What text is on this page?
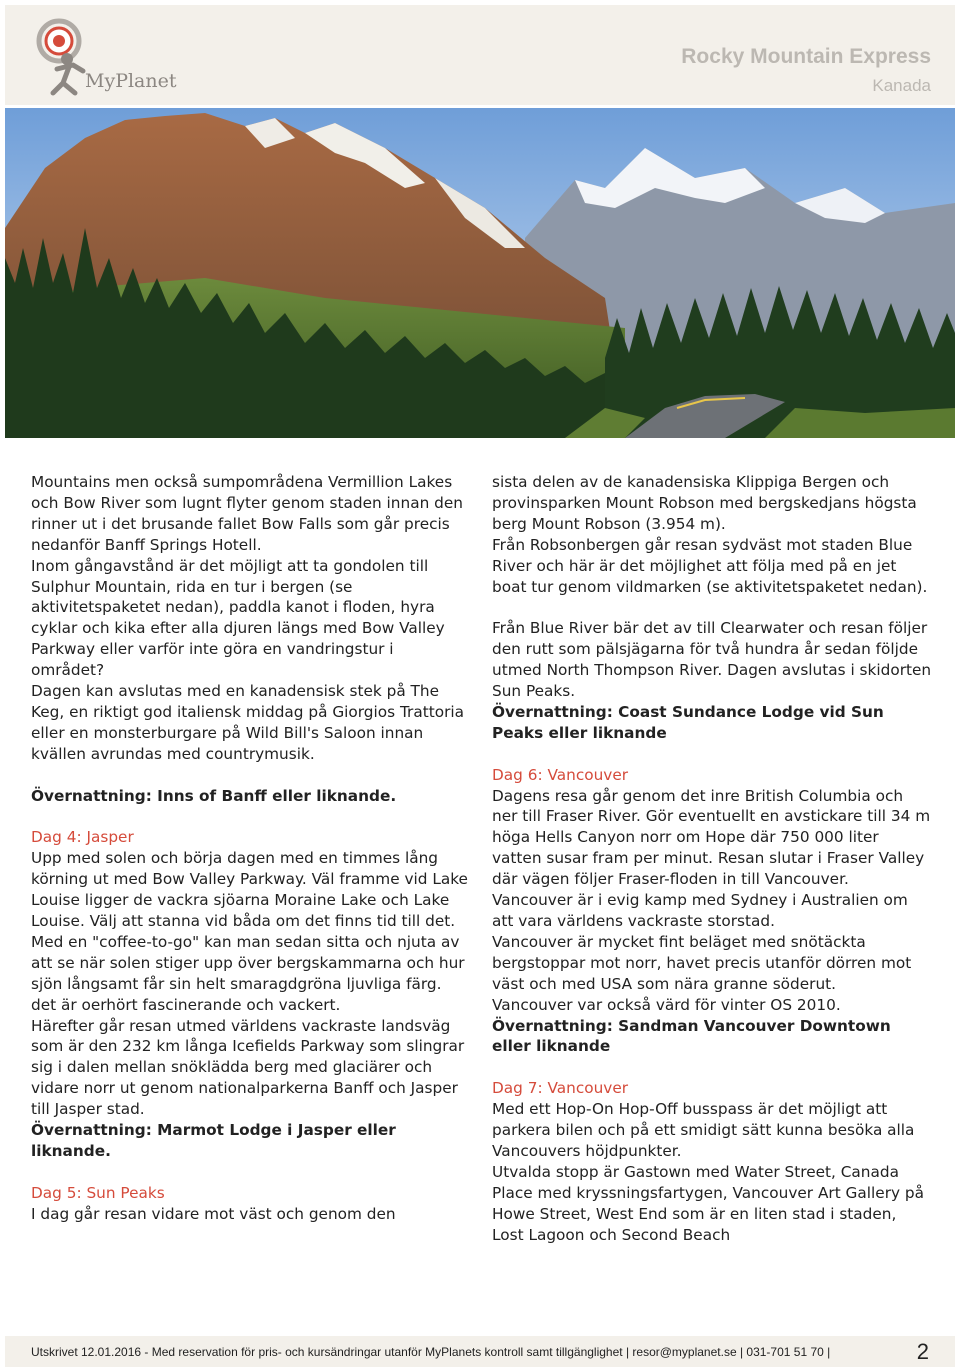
MyPlanet
Rocky Mountain Express
Kanada

Mountains men också sumpområdena Vermillion Lakes och Bow River som lugnt flyter genom staden innan den rinner ut i det brusande fallet Bow Falls som går precis nedanför Banff Springs Hotell.

Inom gångavstånd är det möjligt att ta gondolen till Sulphur Mountain, rida en tur i bergen (se aktivitetspaketet nedan), paddla kanot i floden, hyra cyklar och kika efter alla djuren längs med Bow Valley Parkway eller varför inte göra en vandringstur i området?

Dagen kan avslutas med en kanadensisk stek på The Keg, en riktigt god italiensk middag på Giorgios Trattoria eller en monsterburgare på Wild Bill's Saloon innan kvällen avrundas med countrymusik.

Övernattning: Inns of Banff eller liknande.

Dag 4: Jasper

Upp med solen och börja dagen med en timmes lång körning ut med Bow Valley Parkway. Väl framme vid Lake Louise ligger de vackra sjöarna Moraine Lake och Lake Louise. Välj att stanna vid båda om det finns tid till det. Med en "coffee-to-go" kan man sedan sitta och njuta av att se när solen stiger upp över bergskammarna och hur sjön långsamt får sin helt smaragdgröna ljuvliga färg. det är oerhört fascinerande och vackert.

Härefter går resan utmed världens vackraste landsväg som är den 232 km långa Icefields Parkway som slingrar sig i dalen mellan snöklädda berg med glaciärer och vidare norr ut genom nationalparkerna Banff och Jasper till Jasper stad.

Övernattning: Marmot Lodge i Jasper eller liknande.

Dag 5: Sun Peaks

I dag går resan vidare mot väst och genom den

sista delen av de kanadensiska Klippiga Bergen och provinsparken Mount Robson med bergskedjans högsta berg Mount Robson (3.954 m).

Från Robsonbergen går resan sydväst mot staden Blue River och här är det möjlighet att följa med på en jet boat tur genom vildmarken (se aktivitetspaketet nedan).

Från Blue River bär det av till Clearwater och resan följer den rutt som pälsjägarna för två hundra år sedan följde utmed North Thompson River. Dagen avslutas i skidorten Sun Peaks.

Övernattning: Coast Sundance Lodge vid Sun Peaks eller liknande

Dag 6: Vancouver

Dagens resa går genom det inre British Columbia och ner till Fraser River. Gör eventuellt en avstickare till 34 m höga Hells Canyon norr om Hope där 750 000 liter vatten susar fram per minut. Resan slutar i Fraser Valley där vägen följer Fraser-floden in till Vancouver.

Vancouver är i evig kamp med Sydney i Australien om att vara världens vackraste storstad.

Vancouver är mycket fint beläget med snötäckta bergstoppar mot norr, havet precis utanför dörren mot väst och med USA som nära granne söderut.

Vancouver var också värd för vinter OS 2010.

Övernattning: Sandman Vancouver Downtown eller liknande

Dag 7: Vancouver

Med ett Hop-On Hop-Off busspass är det möjligt att parkera bilen och på ett smidigt sätt kunna besöka alla Vancouvers höjdpunkter.

Utvalda stopp är Gastown med Water Street, Canada Place med kryssningsfartygen, Vancouver Art Gallery på Howe Street, West End som är en liten stad i staden, Lost Lagoon och Second Beach

Utskrivet 12.01.2016 - Med reservation för pris- och kursändringar utanför MyPlanets kontroll samt tillgänglighet | resor@myplanet.se | 031-701 51 70 |	2
